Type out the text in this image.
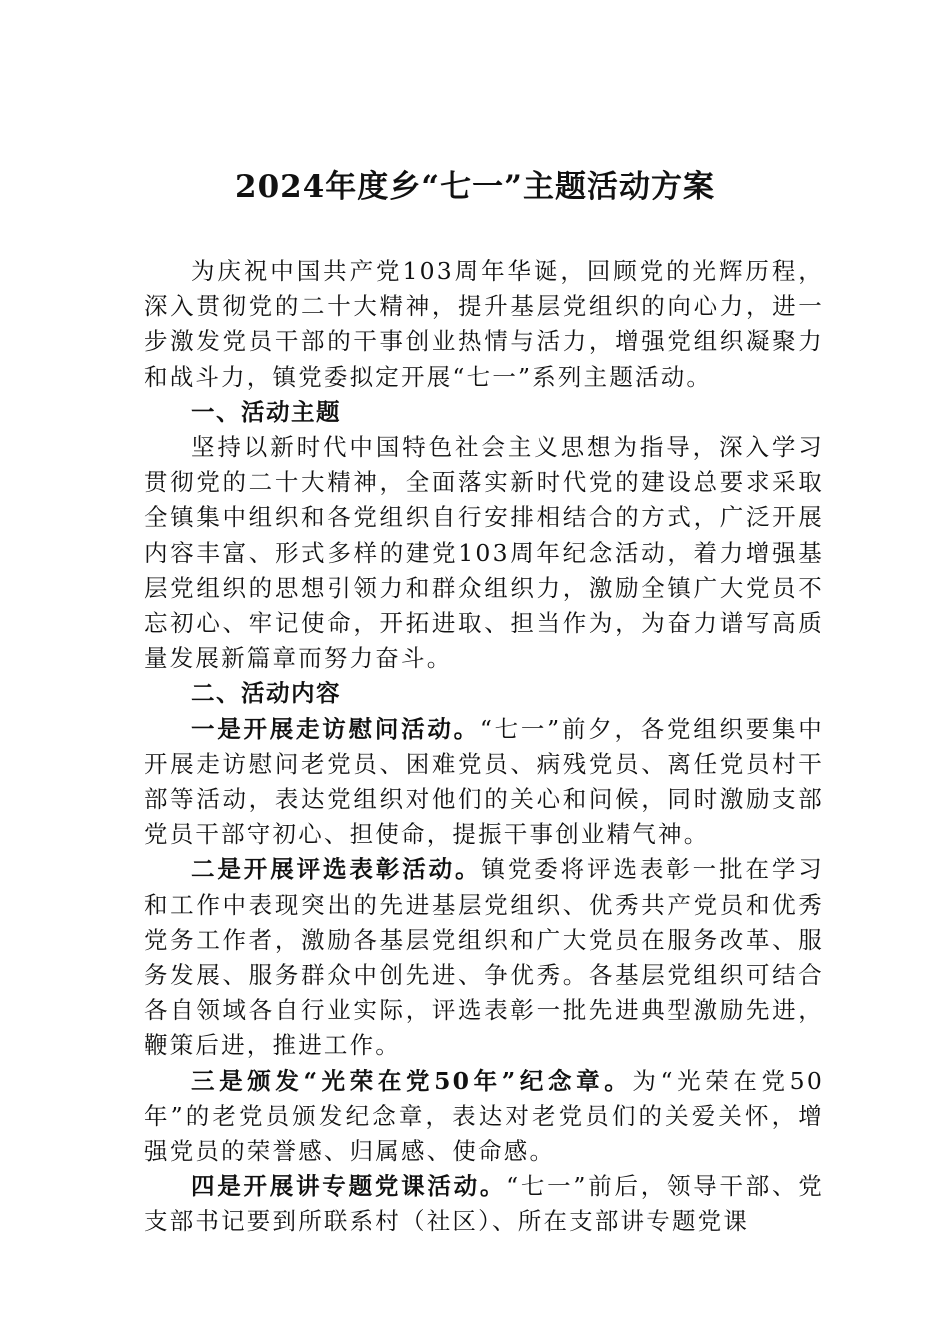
2024年度乡“七一”主题活动方案

为庆祝中国共产党103周年华诞，回顾党的光辉历程，深入贯彻党的二十大精神，提升基层党组织的向心力，进一步激发党员干部的干事创业热情与活力，增强党组织凝聚力和战斗力，镇党委拟定开展“七一”系列主题活动。

一、活动主题

坚持以新时代中国特色社会主义思想为指导，深入学习贯彻党的二十大精神，全面落实新时代党的建设总要求采取全镇集中组织和各党组织自行安排相结合的方式，广泛开展内容丰富、形式多样的建党103周年纪念活动，着力增强基层党组织的思想引领力和群众组织力，激励全镇广大党员不忘初心、牢记使命，开拓进取、担当作为，为奋力谱写高质量发展新篇章而努力奋斗。

二、活动内容

一是开展走访慰问活动。“七一”前夕，各党组织要集中开展走访慰问老党员、困难党员、病残党员、离任党员村干部等活动，表达党组织对他们的关心和问候，同时激励支部党员干部守初心、担使命，提振干事创业精气神。

二是开展评选表彰活动。镇党委将评选表彰一批在学习和工作中表现突出的先进基层党组织、优秀共产党员和优秀党务工作者，激励各基层党组织和广大党员在服务改革、服务发展、服务群众中创先进、争优秀。各基层党组织可结合各自领域各自行业实际，评选表彰一批先进典型激励先进，鞭策后进，推进工作。

三是颁发“光荣在党50年”纪念章。为“光荣在党50年”的老党员颁发纪念章，表达对老党员们的关爱关怀，增强党员的荣誉感、归属感、使命感。

四是开展讲专题党课活动。“七一”前后，领导干部、党支部书记要到所联系村（社区）、所在支部讲专题党课
